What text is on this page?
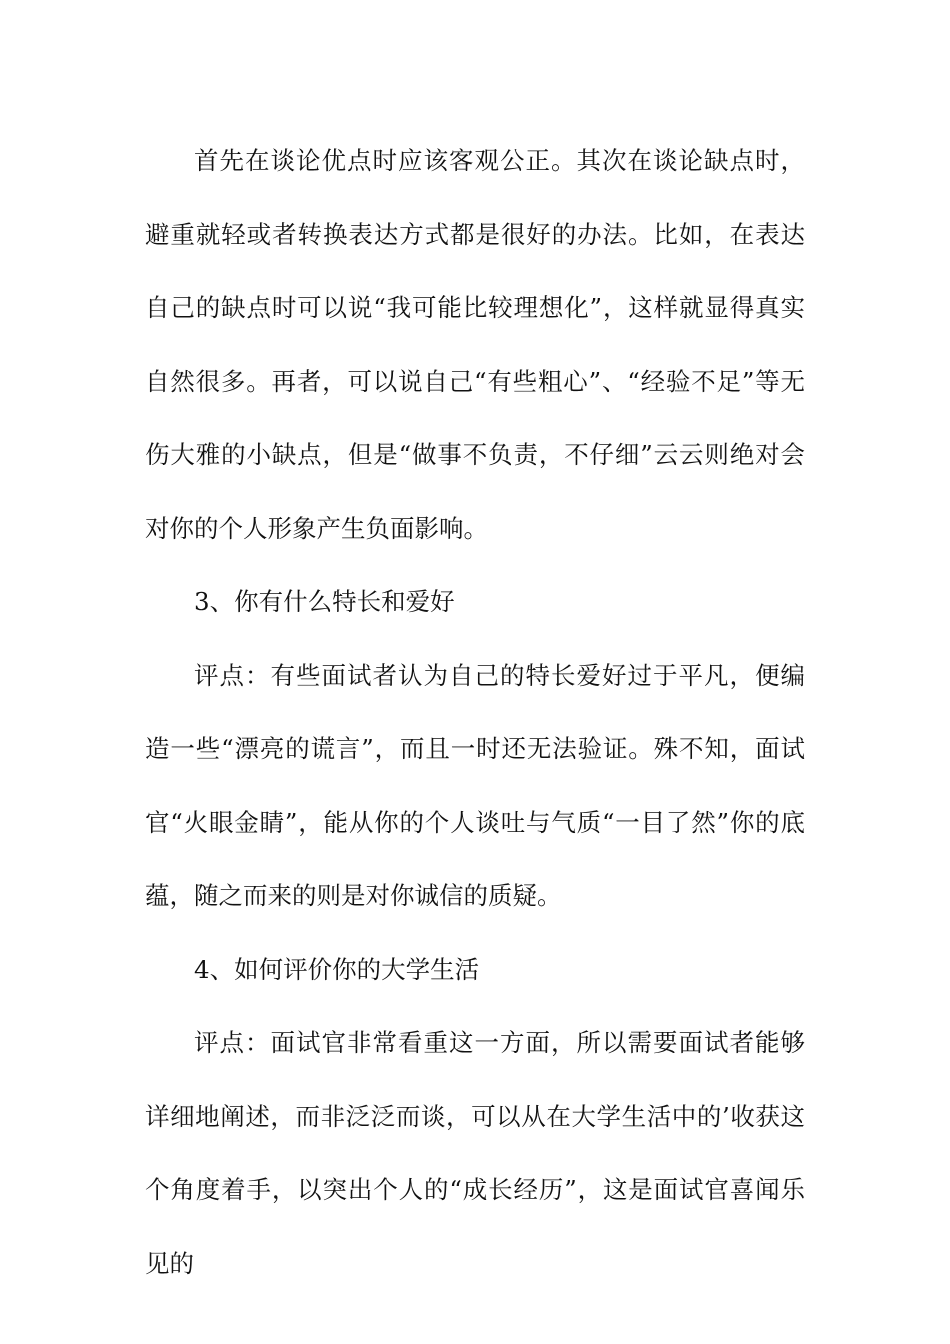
首先在谈论优点时应该客观公正。其次在谈论缺点时，避重就轻或者转换表达方式都是很好的办法。比如，在表达自己的缺点时可以说“我可能比较理想化”，这样就显得真实自然很多。再者，可以说自己“有些粗心”、“经验不足”等无伤大雅的小缺点，但是“做事不负责，不仔细”云云则绝对会对你的个人形象产生负面影响。

3、你有什么特长和爱好

评点：有些面试者认为自己的特长爱好过于平凡，便编造一些“漂亮的谎言”，而且一时还无法验证。殊不知，面试官“火眼金睛”，能从你的个人谈吐与气质“一目了然”你的底蕴，随之而来的则是对你诚信的质疑。

4、如何评价你的大学生活

评点：面试官非常看重这一方面，所以需要面试者能够详细地阐述，而非泛泛而谈，可以从在大学生活中的’收获这个角度着手，以突出个人的“成长经历”，这是面试官喜闻乐见的
